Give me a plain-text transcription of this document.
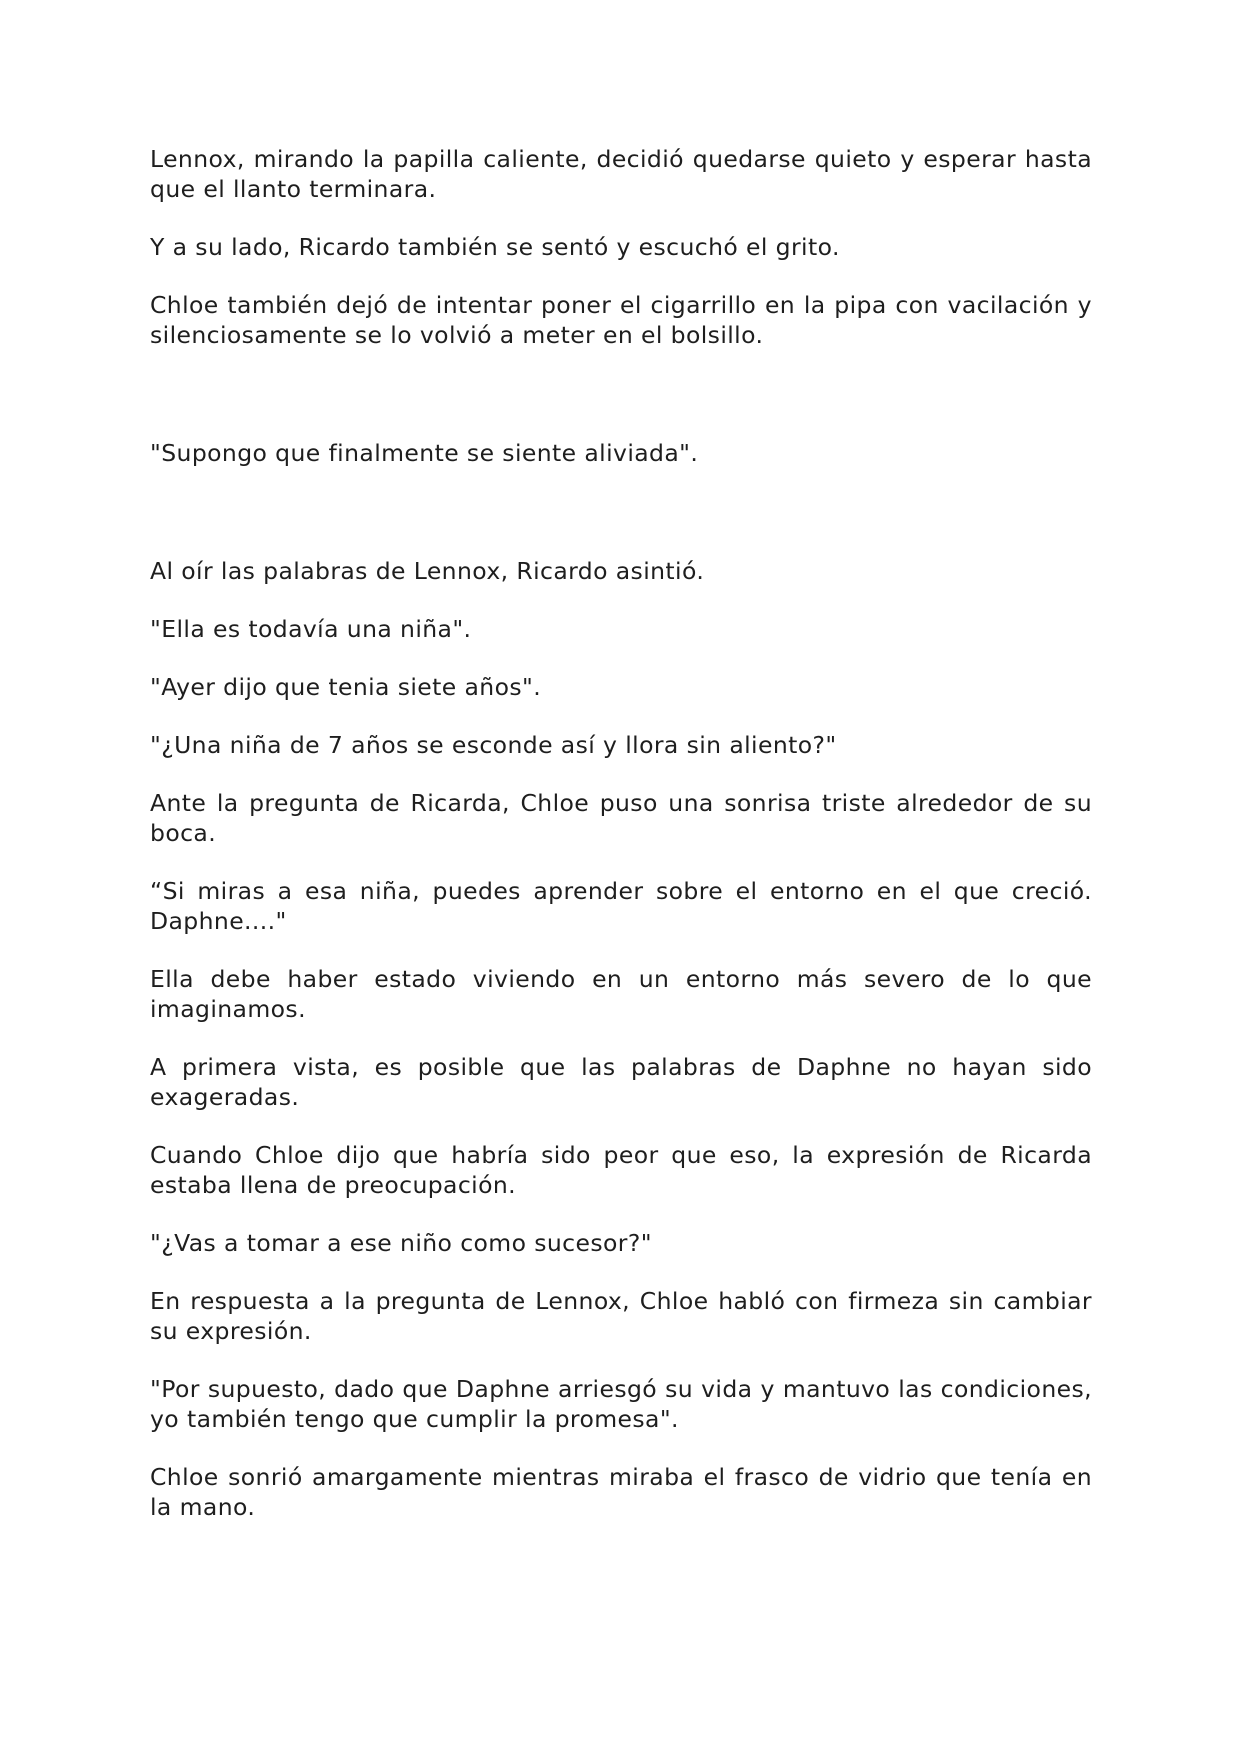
Lennox, mirando la papilla caliente, decidió quedarse quieto y esperar hasta que el llanto terminara.

Y a su lado, Ricardo también se sentó y escuchó el grito.

Chloe también dejó de intentar poner el cigarrillo en la pipa con vacilación y silenciosamente se lo volvió a meter en el bolsillo.

"Supongo que finalmente se siente aliviada".

Al oír las palabras de Lennox, Ricardo asintió.

"Ella es todavía una niña".

"Ayer dijo que tenia siete años".

"¿Una niña de 7 años se esconde así y llora sin aliento?"

Ante la pregunta de Ricarda, Chloe puso una sonrisa triste alrededor de su boca.

“Si miras a esa niña, puedes aprender sobre el entorno en el que creció. Daphne...."

Ella debe haber estado viviendo en un entorno más severo de lo que imaginamos.

A primera vista, es posible que las palabras de Daphne no hayan sido exageradas.

Cuando Chloe dijo que habría sido peor que eso, la expresión de Ricarda estaba llena de preocupación.

"¿Vas a tomar a ese niño como sucesor?"

En respuesta a la pregunta de Lennox, Chloe habló con firmeza sin cambiar su expresión.

"Por supuesto, dado que Daphne arriesgó su vida y mantuvo las condiciones, yo también tengo que cumplir la promesa".

Chloe sonrió amargamente mientras miraba el frasco de vidrio que tenía en la mano.
